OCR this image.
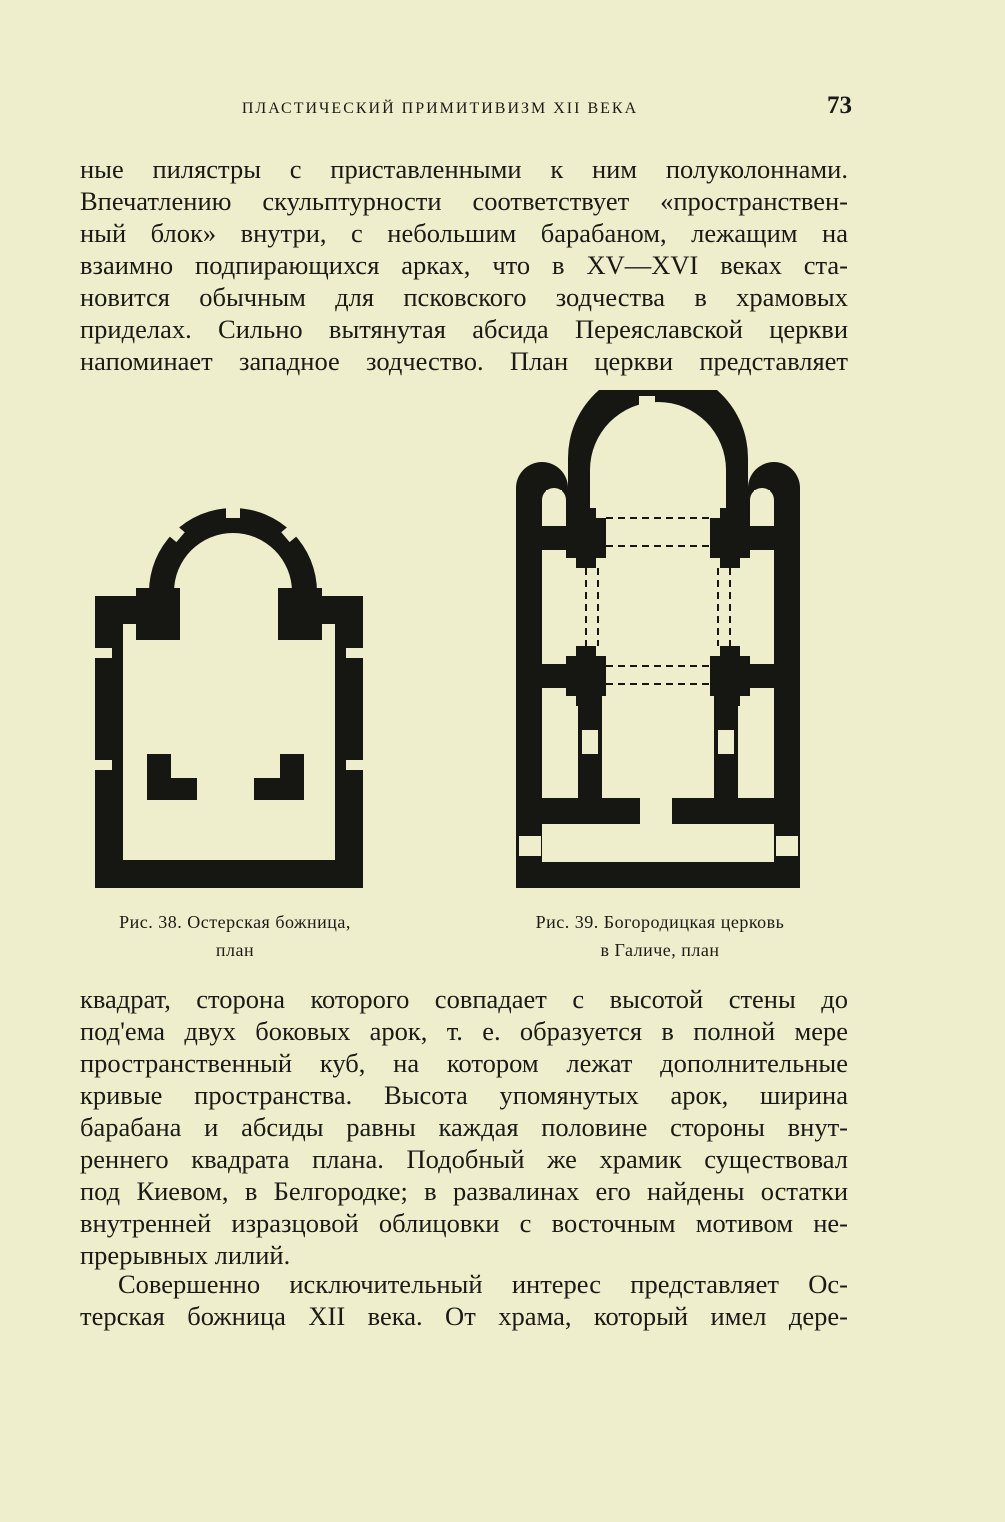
ПЛАСТИЧЕСКИЙ ПРИМИТИВИЗМ XII ВЕКА	73
ные пилястры с приставленными к ним полуколоннами.
Впечатлению скульптурности соответствует «пространствен-
ный блок» внутри, с небольшим барабаном, лежащим на
взаимно подпирающихся арках, что в XV—XVI веках ста-
новится обычным для псковского зодчества в храмовых
приделах. Сильно вытянутая абсида Переяславской церкви
напоминает западное зодчество. План церкви представляет
Рис. 38. Остерская божница,
план
Рис. 39. Богородицкая церковь
в Галиче, план
квадрат, сторона которого совпадает с высотой стены до
под'ема двух боковых арок, т. е. образуется в полной мере
пространственный куб, на котором лежат дополнительные
кривые пространства. Высота упомянутых арок, ширина
барабана и абсиды равны каждая половине стороны внут-
реннего квадрата плана. Подобный же храмик существовал
под Киевом, в Белгородке; в развалинах его найдены остатки
внутренней изразцовой облицовки с восточным мотивом не-
прерывных лилий.
Совершенно исключительный интерес представляет Ос-
терская божница XII века. От храма, который имел дере-
